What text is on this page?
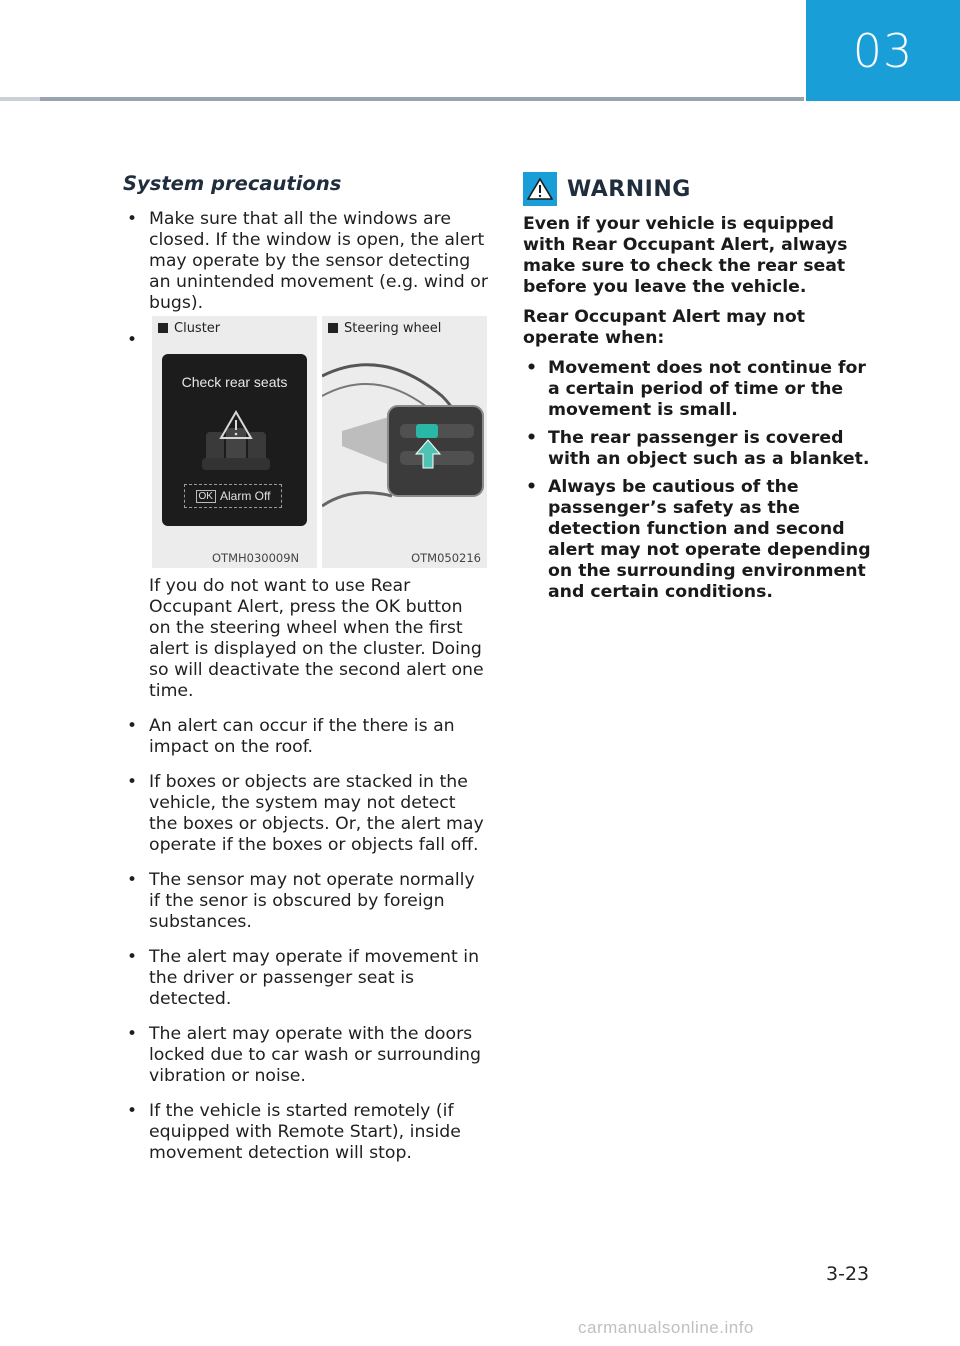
03
System precautions
• Make sure that all the windows are closed. If the window is open, the alert may operate by the sensor detecting an unintended movement (e.g. wind or bugs).
•
Cluster
Check rear seats
OK Alarm Off
OTMH030009N
Steering wheel
OTM050216

If you do not want to use Rear Occupant Alert, press the OK button on the steering wheel when the first alert is displayed on the cluster. Doing so will deactivate the second alert one time.

• An alert can occur if the there is an impact on the roof.
• If boxes or objects are stacked in the vehicle, the system may not detect the boxes or objects. Or, the alert may operate if the boxes or objects fall off.
• The sensor may not operate normally if the senor is obscured by foreign substances.
• The alert may operate if movement in the driver or passenger seat is detected.
• The alert may operate with the doors locked due to car wash or surrounding vibration or noise.
• If the vehicle is started remotely (if equipped with Remote Start), inside movement detection will stop.
WARNING

Even if your vehicle is equipped with Rear Occupant Alert, always make sure to check the rear seat before you leave the vehicle.

Rear Occupant Alert may not operate when:

• Movement does not continue for a certain period of time or the movement is small.
• The rear passenger is covered with an object such as a blanket.
• Always be cautious of the passenger’s safety as the detection function and second alert may not operate depending on the surrounding environment and certain conditions.
3-23
carmanualsonline.info
